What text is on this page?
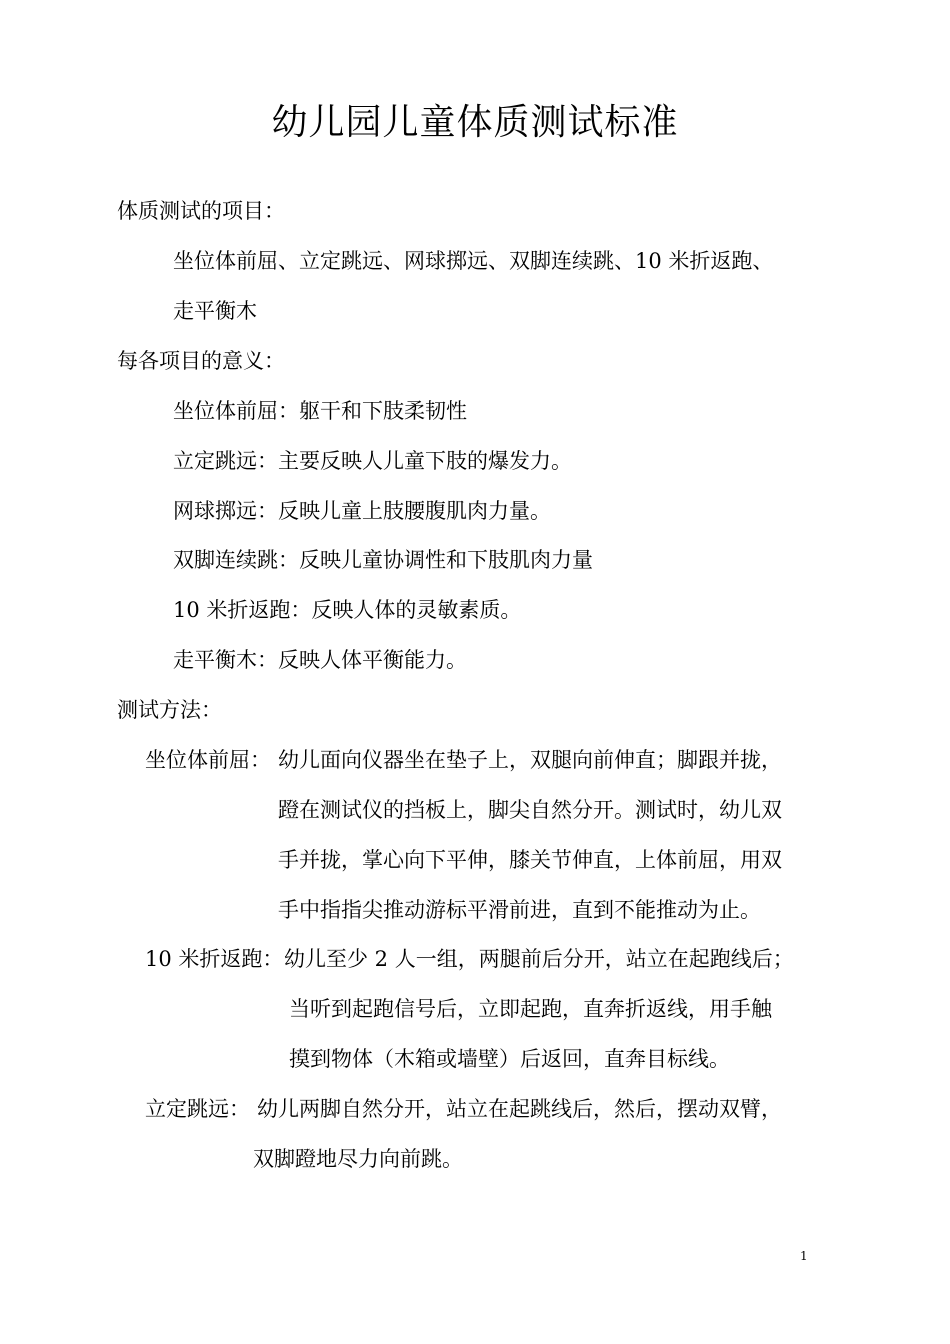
幼儿园儿童体质测试标准
体质测试的项目：
坐位体前屈、立定跳远、网球掷远、双脚连续跳、10 米折返跑、
走平衡木
每各项目的意义：
坐位体前屈：躯干和下肢柔韧性
立定跳远：主要反映人儿童下肢的爆发力。
网球掷远：反映儿童上肢腰腹肌肉力量。
双脚连续跳：反映儿童协调性和下肢肌肉力量
10 米折返跑：反映人体的灵敏素质。
走平衡木：反映人体平衡能力。
测试方法：
坐位体前屈： 幼儿面向仪器坐在垫子上，双腿向前伸直；脚跟并拢，
蹬在测试仪的挡板上，脚尖自然分开。测试时，幼儿双
手并拢，掌心向下平伸，膝关节伸直，上体前屈，用双
手中指指尖推动游标平滑前进，直到不能推动为止。
10 米折返跑： 幼儿至少 2 人一组，两腿前后分开，站立在起跑线后；
当听到起跑信号后，立即起跑，直奔折返线，用手触
摸到物体（木箱或墙壁）后返回，直奔目标线。
立定跳远： 幼儿两脚自然分开，站立在起跳线后，然后，摆动双臂，
双脚蹬地尽力向前跳。
1
